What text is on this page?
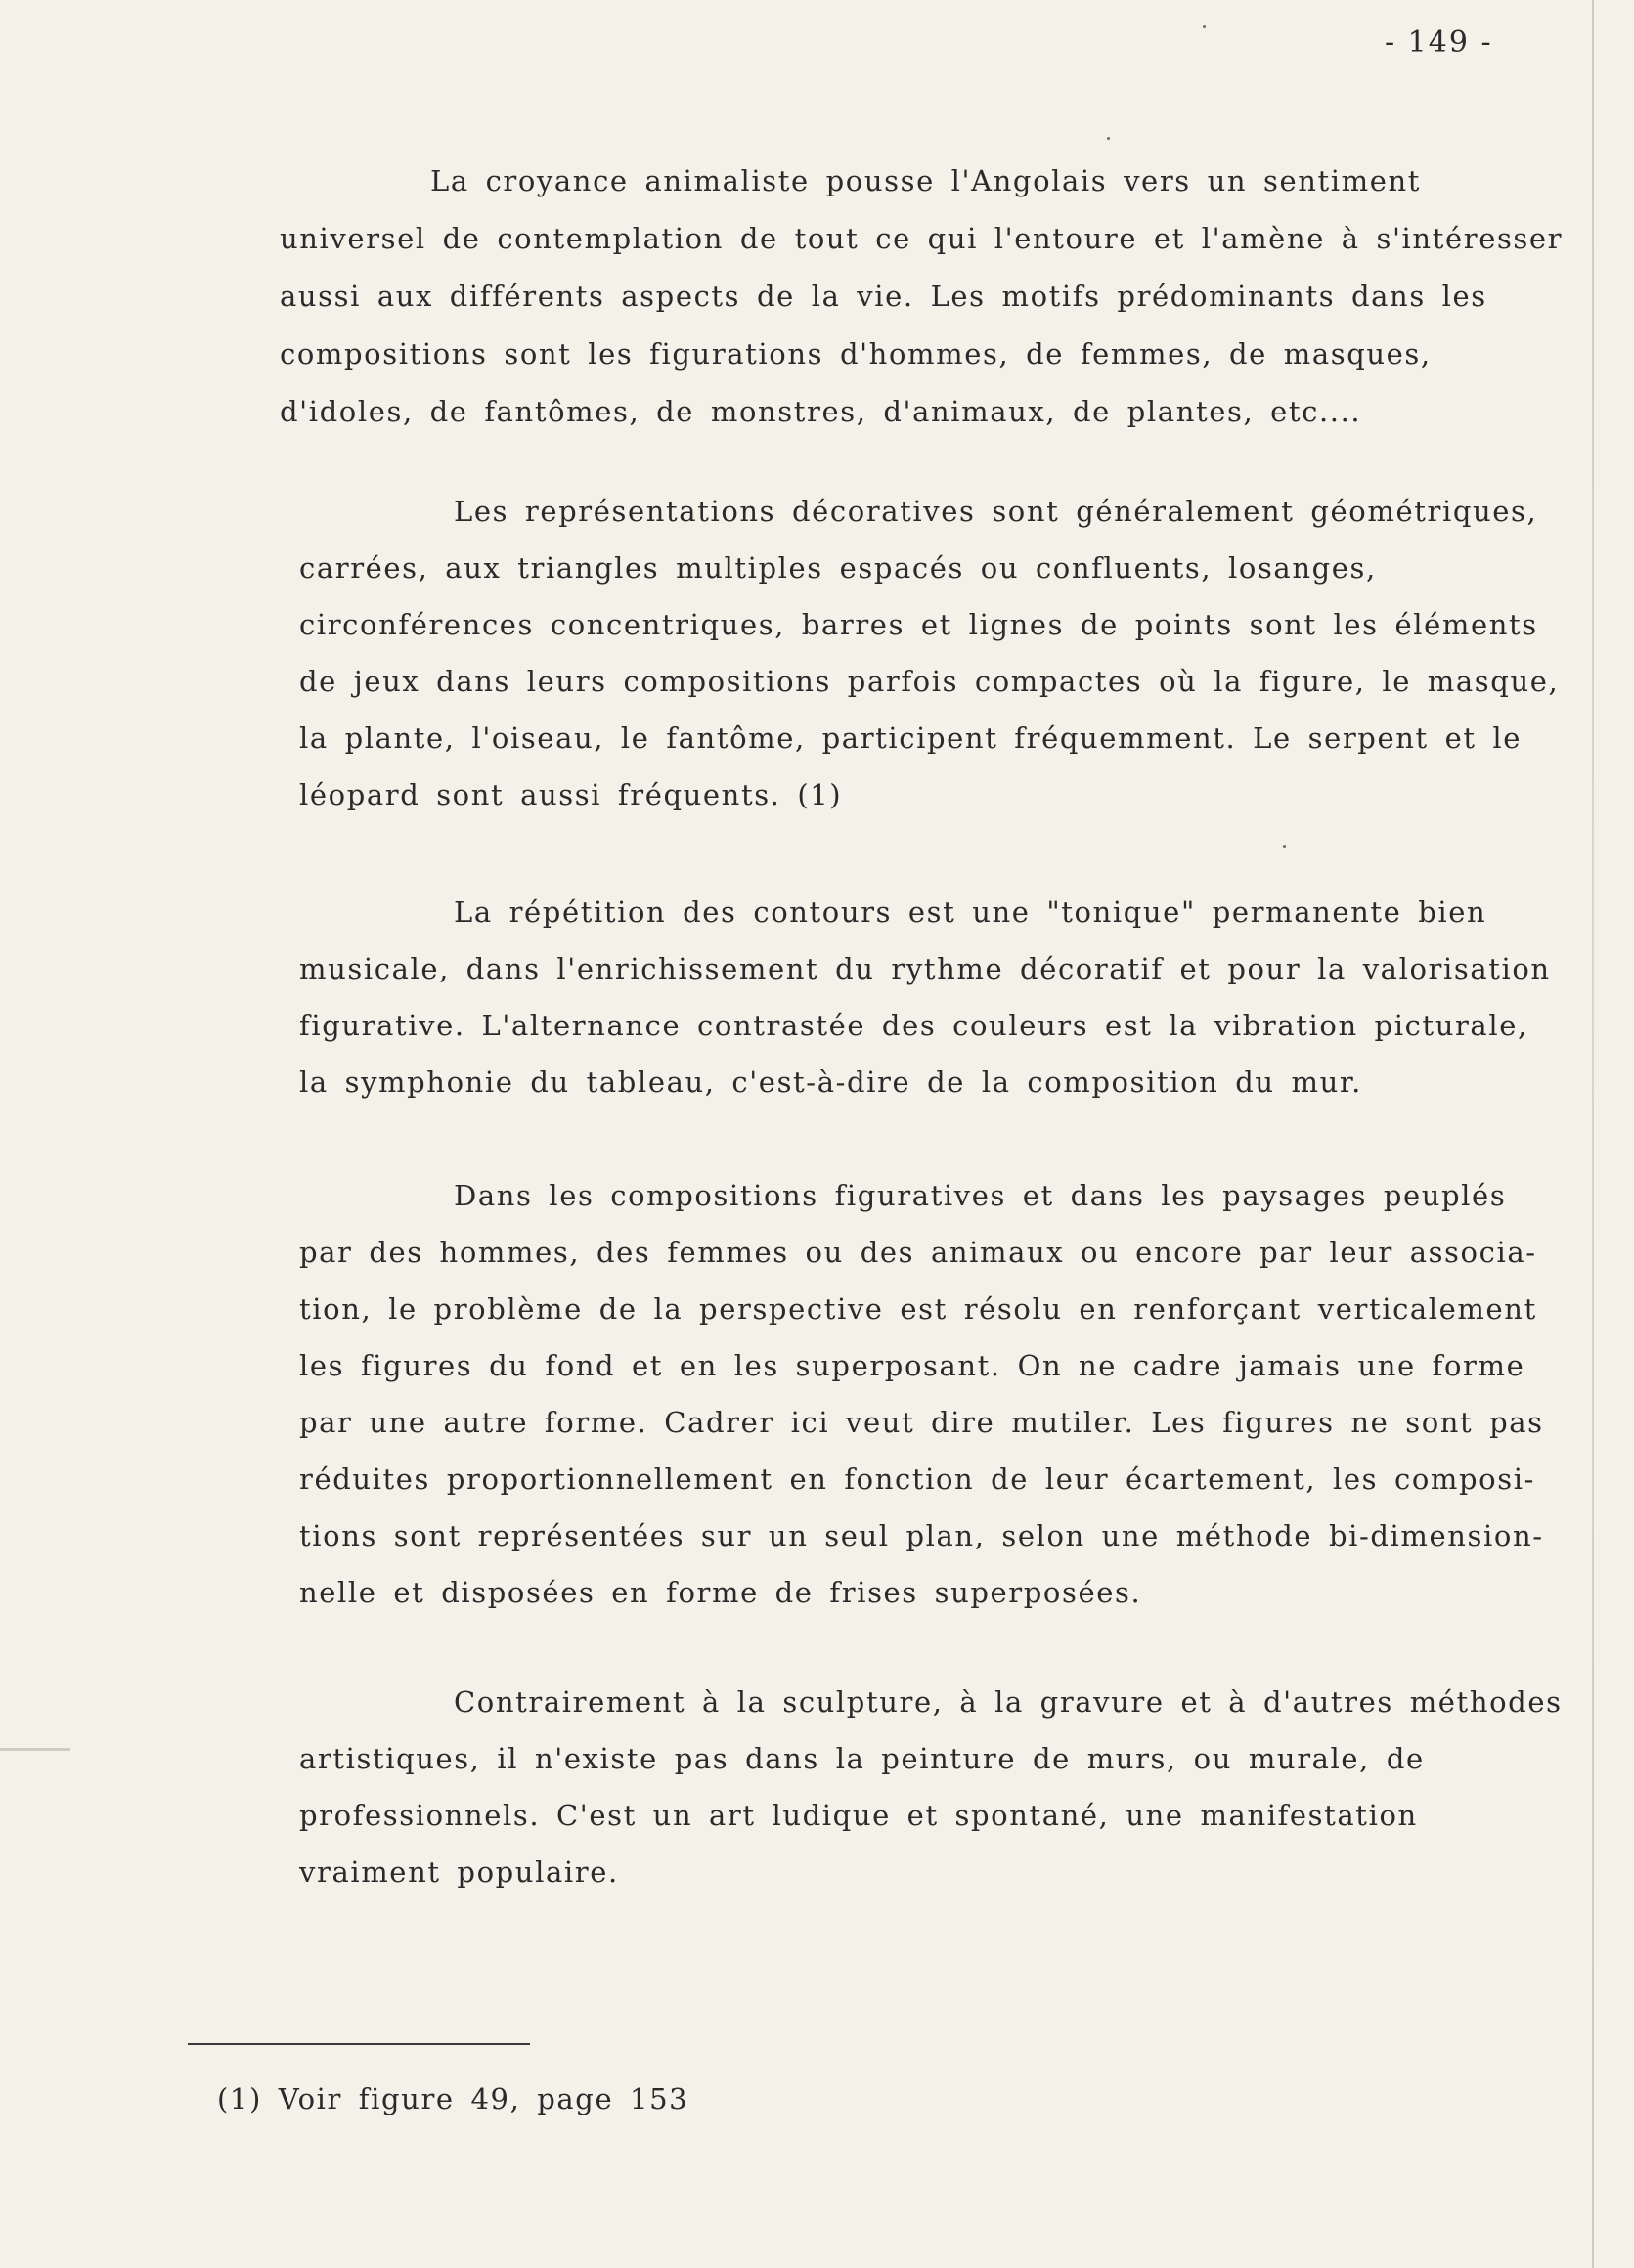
- 149 -
La croyance animaliste pousse l'Angolais vers un sentiment
universel de contemplation de tout ce qui l'entoure et l'amène à s'intéresser
aussi aux différents aspects de la vie. Les motifs prédominants dans les
compositions sont les figurations d'hommes, de femmes, de masques,
d'idoles, de fantômes, de monstres, d'animaux, de plantes, etc....
Les représentations décoratives sont généralement géométriques,
carrées, aux triangles multiples espacés ou confluents, losanges,
circonférences concentriques, barres et lignes de points sont les éléments
de jeux dans leurs compositions parfois compactes où la figure, le masque,
la plante, l'oiseau, le fantôme, participent fréquemment. Le serpent et le
léopard sont aussi fréquents. (1)
La répétition des contours est une "tonique" permanente bien
musicale, dans l'enrichissement du rythme décoratif et pour la valorisation
figurative. L'alternance contrastée des couleurs est la vibration picturale,
la symphonie du tableau, c'est-à-dire de la composition du mur.
Dans les compositions figuratives et dans les paysages peuplés
par des hommes, des femmes ou des animaux ou encore par leur associa-
tion, le problème de la perspective est résolu en renforçant verticalement
les figures du fond et en les superposant. On ne cadre jamais une forme
par une autre forme. Cadrer ici veut dire mutiler. Les figures ne sont pas
réduites proportionnellement en fonction de leur écartement, les composi-
tions sont représentées sur un seul plan, selon une méthode bi-dimension-
nelle et disposées en forme de frises superposées.
Contrairement à la sculpture, à la gravure et à d'autres méthodes
artistiques, il n'existe pas dans la peinture de murs, ou murale, de
professionnels. C'est un art ludique et spontané, une manifestation
vraiment populaire.
(1) Voir figure 49, page 153
